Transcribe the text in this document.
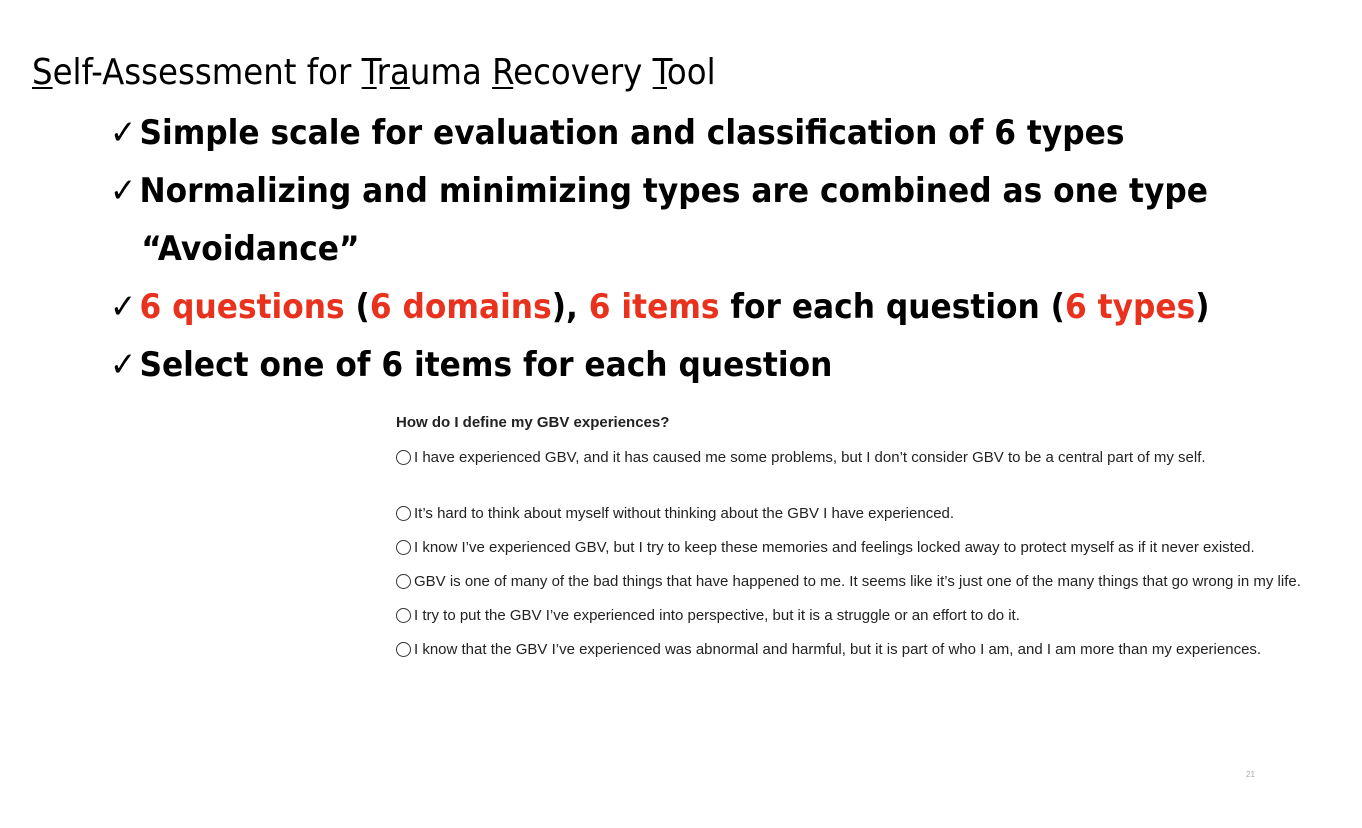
Self-Assessment for Trauma Recovery Tool
✓Simple scale for evaluation and classification of 6 types
✓Normalizing and minimizing types are combined as one type
“Avoidance”
✓6 questions (6 domains), 6 items for each question (6 types)
✓Select one of 6 items for each question
How do I define my GBV experiences?
I have experienced GBV, and it has caused me some problems, but I don’t consider GBV to be a central part of my self.
It’s hard to think about myself without thinking about the GBV I have experienced.
I know I’ve experienced GBV, but I try to keep these memories and feelings locked away to protect myself as if it never existed.
GBV is one of many of the bad things that have happened to me. It seems like it’s just one of the many things that go wrong in my life.
I try to put the GBV I’ve experienced into perspective, but it is a struggle or an effort to do it.
I know that the GBV I’ve experienced was abnormal and harmful, but it is part of who I am, and I am more than my experiences.
21
